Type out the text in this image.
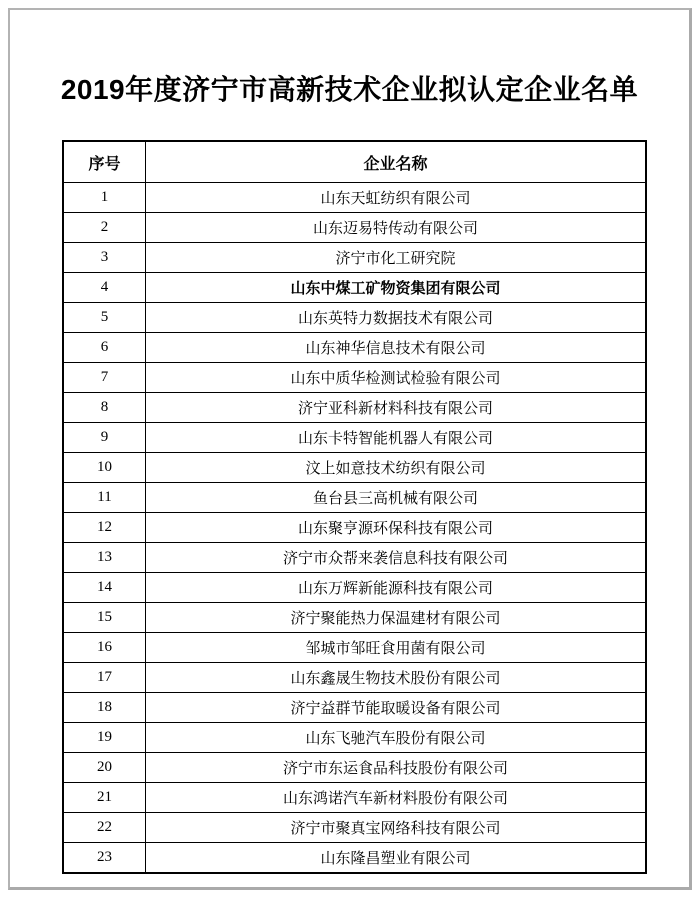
2019年度济宁市高新技术企业拟认定企业名单
序号	企业名称
1	山东天虹纺织有限公司
2	山东迈易特传动有限公司
3	济宁市化工研究院
4	山东中煤工矿物资集团有限公司
5	山东英特力数据技术有限公司
6	山东神华信息技术有限公司
7	山东中质华检测试检验有限公司
8	济宁亚科新材料科技有限公司
9	山东卡特智能机器人有限公司
10	汶上如意技术纺织有限公司
11	鱼台县三高机械有限公司
12	山东聚亨源环保科技有限公司
13	济宁市众帮来袭信息科技有限公司
14	山东万辉新能源科技有限公司
15	济宁聚能热力保温建材有限公司
16	邹城市邹旺食用菌有限公司
17	山东鑫晟生物技术股份有限公司
18	济宁益群节能取暖设备有限公司
19	山东飞驰汽车股份有限公司
20	济宁市东运食品科技股份有限公司
21	山东鸿诺汽车新材料股份有限公司
22	济宁市聚真宝网络科技有限公司
23	山东隆昌塑业有限公司
